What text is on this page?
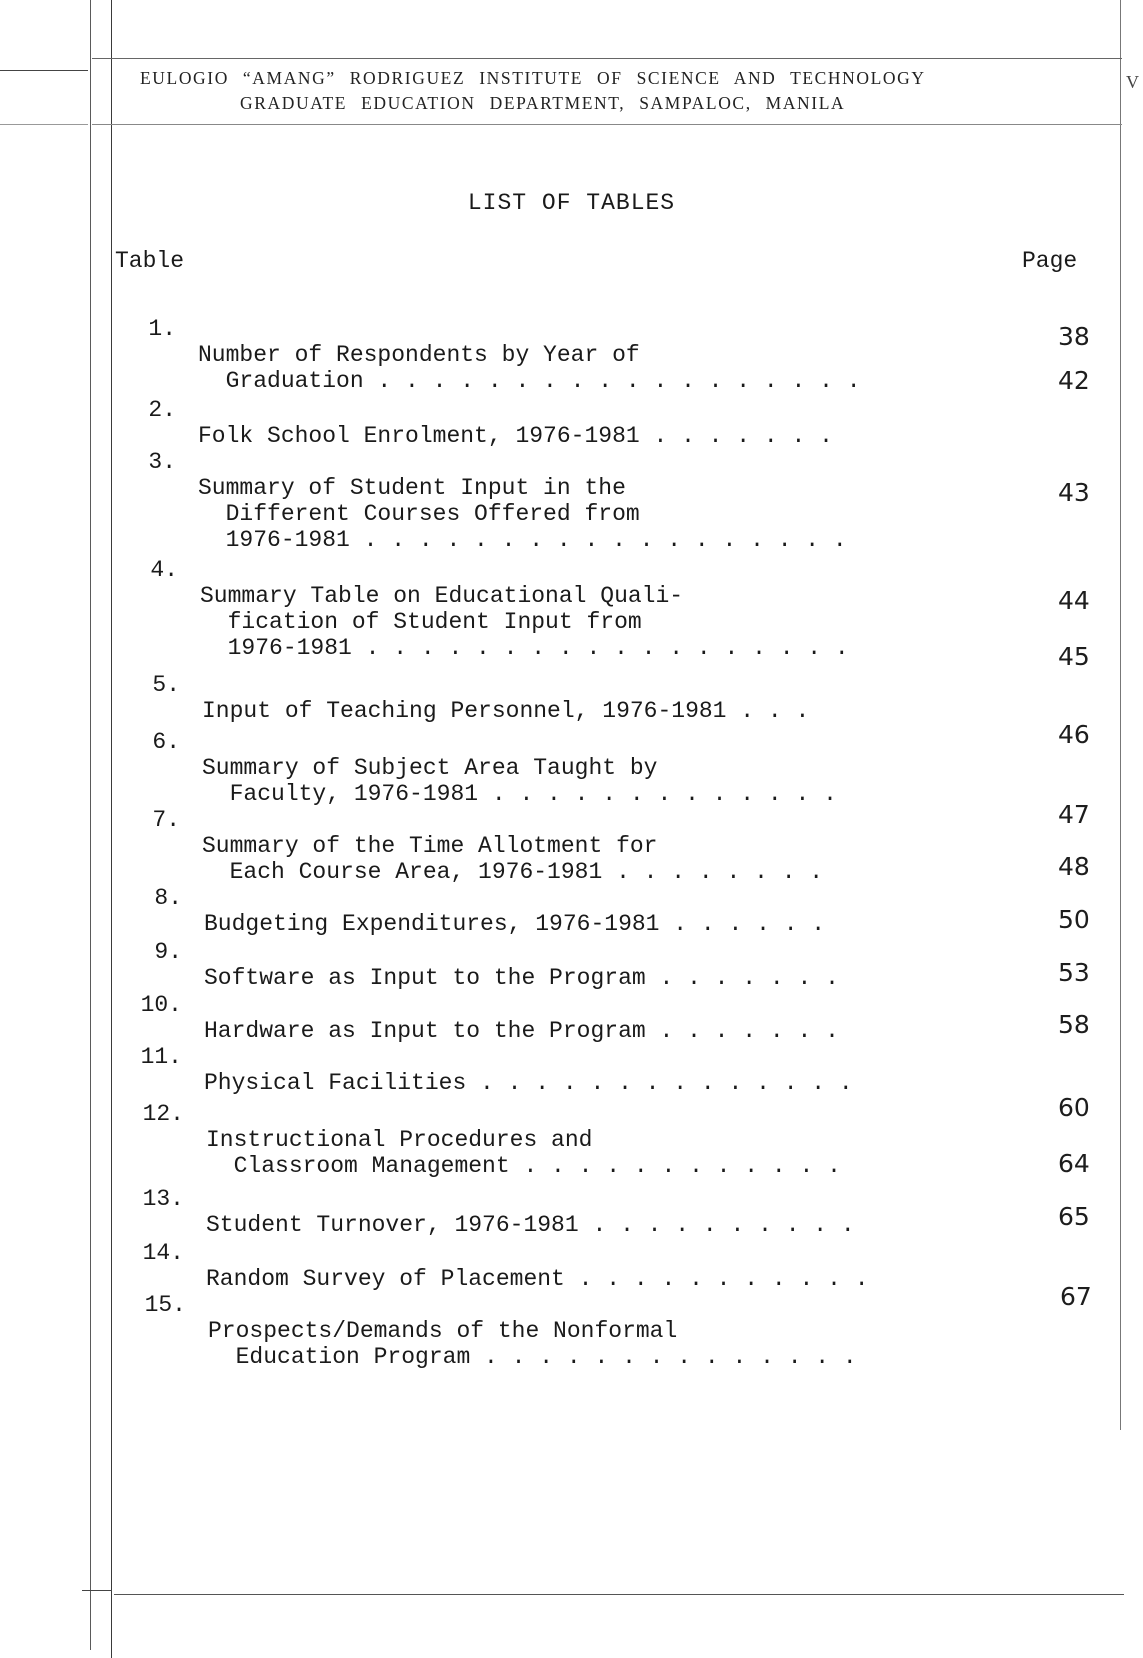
V
EULOGIO “AMANG” RODRIGUEZ INSTITUTE OF SCIENCE AND TECHNOLOGY
GRADUATE EDUCATION DEPARTMENT, SAMPALOC, MANILA
LIST OF TABLES
Table	Page

1.

Number of Respondents by Year of
Graduation . . . . . . . . . . . . . . . . . .

38

2.

Folk School Enrolment, 1976-1981 . . . . . . .

42

3.

Summary of Student Input in the
Different Courses Offered from
1976-1981 . . . . . . . . . . . . . . . . . .

43

4.

Summary Table on Educational Quali-
fication of Student Input from
1976-1981 . . . . . . . . . . . . . . . . . .

44

5.

Input of Teaching Personnel, 1976-1981 . . .

45

6.

Summary of Subject Area Taught by
Faculty, 1976-1981 . . . . . . . . . . . . .

46

7.

Summary of the Time Allotment for
Each Course Area, 1976-1981 . . . . . . . .

47

8.

Budgeting Expenditures, 1976-1981 . . . . . .

48

9.

Software as Input to the Program . . . . . . .

50

10.

Hardware as Input to the Program . . . . . . .

53

11.

Physical Facilities . . . . . . . . . . . . . .

58

12.

Instructional Procedures and
Classroom Management . . . . . . . . . . . .

60

13.

Student Turnover, 1976-1981 . . . . . . . . . .

64

14.

Random Survey of Placement . . . . . . . . . . .

65

15.

Prospects/Demands of the Nonformal
Education Program . . . . . . . . . . . . . .

67
